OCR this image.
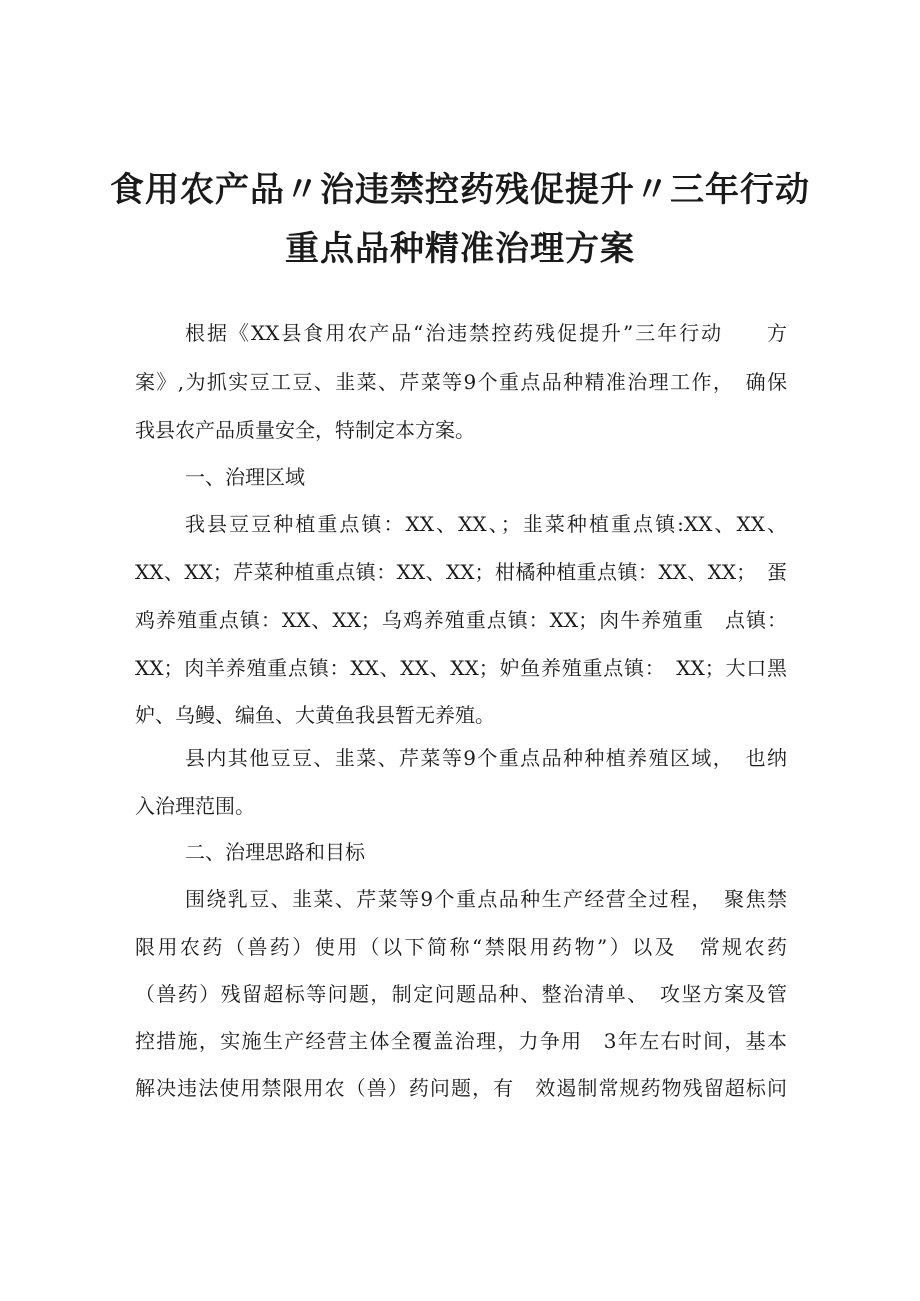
食用农产品〃治违禁控药残促提升〃三年行动
重点品种精准治理方案
根据《XX县食用农产品“治违禁控药残促提升”三年行动　　方
案》,为抓实豆工豆、韭菜、芹菜等9个重点品种精准治理工作，　确保
我县农产品质量安全，特制定本方案。
一、治理区域
我县豆豆种植重点镇：XX、XX、；韭菜种植重点镇:XX、XX、
XX、XX；芹菜种植重点镇：XX、XX；柑橘种植重点镇：XX、XX；　蛋
鸡养殖重点镇：XX、XX；乌鸡养殖重点镇：XX；肉牛养殖重　点镇：
XX；肉羊养殖重点镇：XX、XX、XX；妒鱼养殖重点镇：　XX；大口黑
妒、乌鳗、编鱼、大黄鱼我县暂无养殖。
县内其他豆豆、韭菜、芹菜等9个重点品种种植养殖区域，　也纳
入治理范围。
二、治理思路和目标
围绕乳豆、韭菜、芹菜等9个重点品种生产经营全过程，　聚焦禁
限用农药（兽药）使用（以下简称“禁限用药物”）以及　常规农药
（兽药）残留超标等问题，制定问题品种、整治清单、　攻坚方案及管
控措施，实施生产经营主体全覆盖治理，力争用　3年左右时间，基本
解决违法使用禁限用农（兽）药问题，有　效遏制常规药物残留超标问
